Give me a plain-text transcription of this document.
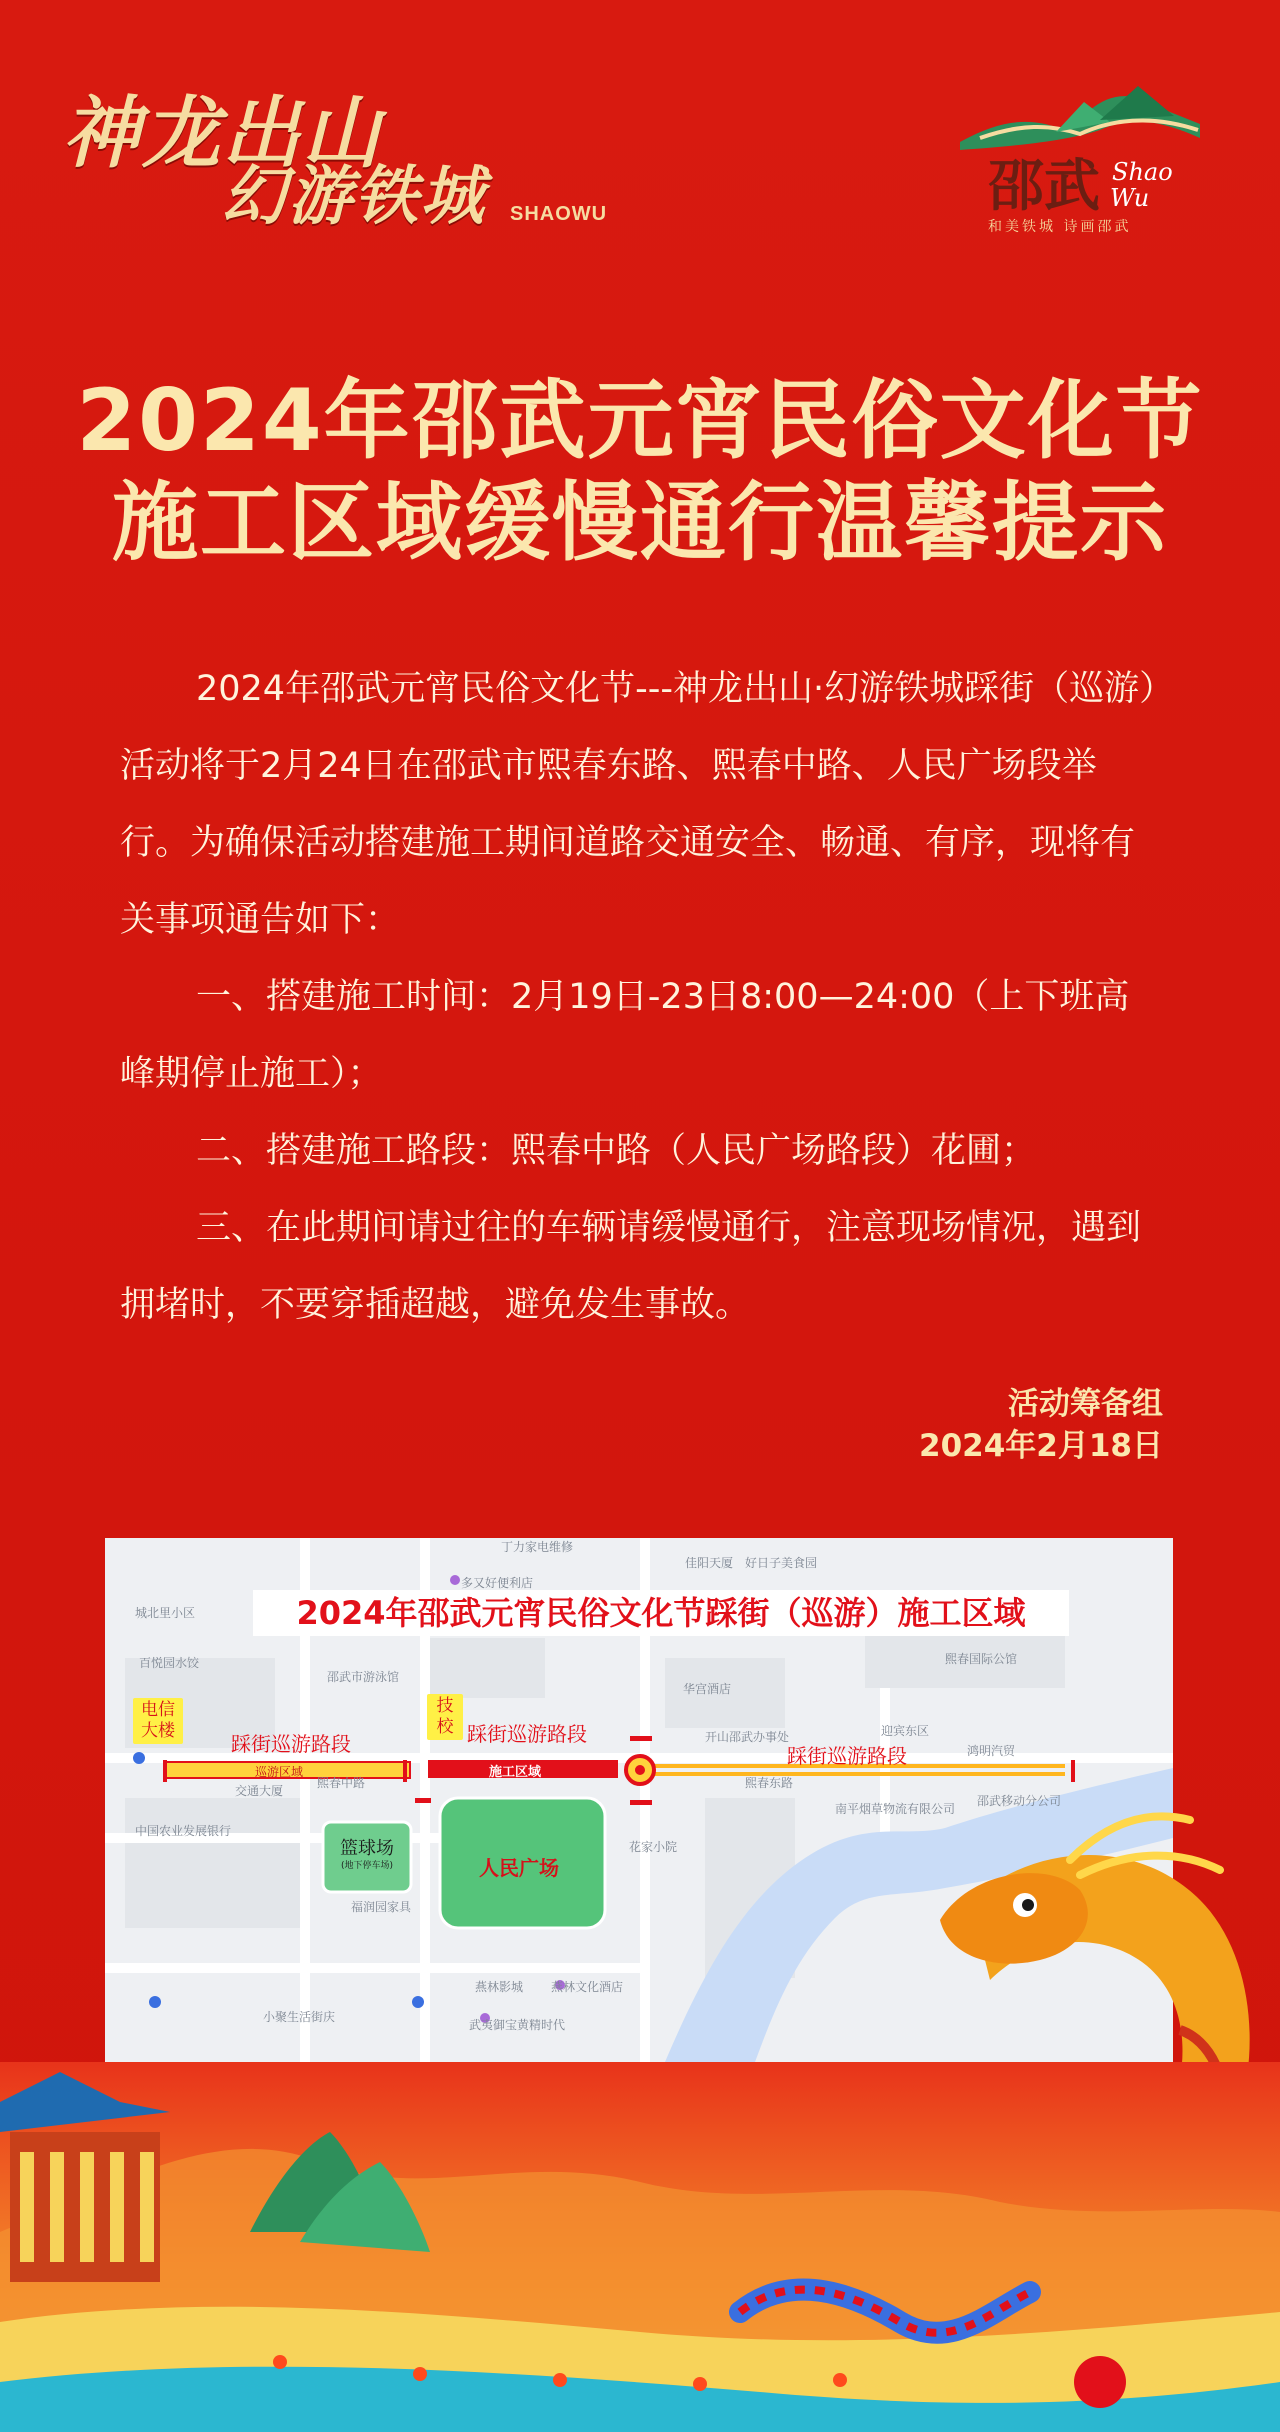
神龙出山
幻游铁城 SHAOWU	邵武 Shao
Wu
和美铁城 诗画邵武
2024年邵武元宵民俗文化节
施工区域缓慢通行温馨提示

2024年邵武元宵民俗文化节---神龙出山·幻游铁城踩街（巡游）活动将于2月24日在邵武市熙春东路、熙春中路、人民广场段举行。为确保活动搭建施工期间道路交通安全、畅通、有序，现将有关事项通告如下：

一、搭建施工时间：2月19日-23日8:00—24:00（上下班高峰期停止施工）；

二、搭建施工路段：熙春中路（人民广场路段）花圃；

三、在此期间请过往的车辆请缓慢通行，注意现场情况，遇到拥堵时，不要穿插超越，避免发生事故。

活动筹备组
2024年2月18日
2024年邵武元宵民俗文化节踩街（巡游）施工区域
电信大楼
技校
踩街巡游路段	踩街巡游路段
踩街巡游路段
巡游区域	施工区域
人民广场
篮球场
(地下停车场)
丁力家电维修
佳阳天厦 好日子美食园
多又好便利店
邵武市游泳馆
华宫酒店
开山邵武办事处	迎宾东区
鸿明汽贸
熙春国际公馆
交通大厦
中国农业发展银行
南平烟草物流有限公司
邵武移动分公司
花家小院
福润园家具
燕林影城 燕林文化酒店
武夷御宝黄精时代
小聚生活街庆
城北里小区
百悦园水饺
熙春东路
熙春中路
